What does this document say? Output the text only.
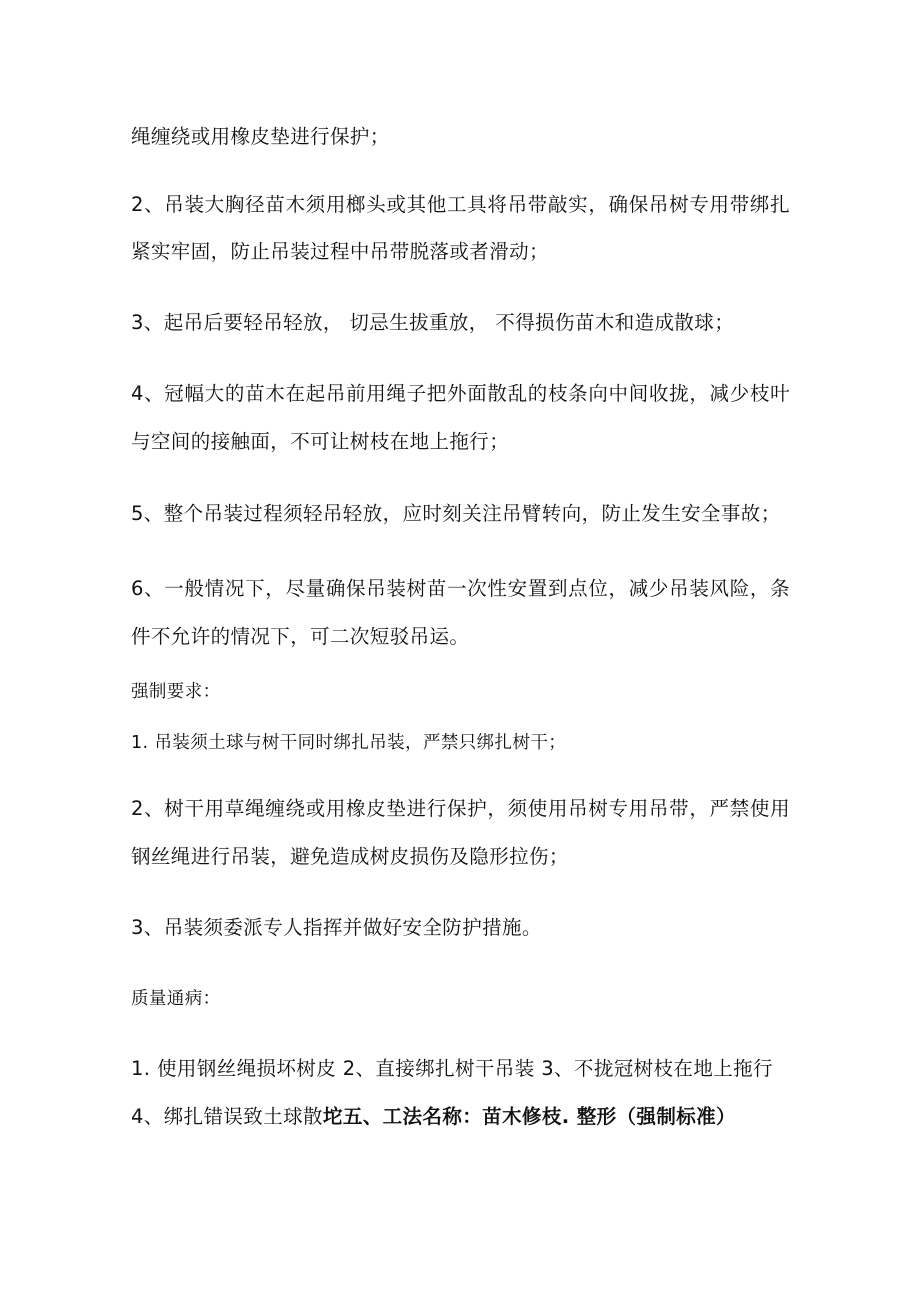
绳缠绕或用橡皮垫进行保护；
2、吊装大胸径苗木须用榔头或其他工具将吊带敲实，确保吊树专用带绑扎
紧实牢固，防止吊装过程中吊带脱落或者滑动；
3、起吊后要轻吊轻放， 切忌生拔重放， 不得损伤苗木和造成散球；
4、冠幅大的苗木在起吊前用绳子把外面散乱的枝条向中间收拢，减少枝叶
与空间的接触面，不可让树枝在地上拖行；
5、整个吊装过程须轻吊轻放，应时刻关注吊臂转向，防止发生安全事故；
6、一般情况下，尽量确保吊装树苗一次性安置到点位，减少吊装风险，条
件不允许的情况下，可二次短驳吊运。
强制要求：
1. 吊装须土球与树干同时绑扎吊装，严禁只绑扎树干；
2、树干用草绳缠绕或用橡皮垫进行保护，须使用吊树专用吊带，严禁使用
钢丝绳进行吊装，避免造成树皮损伤及隐形拉伤；
3、吊装须委派专人指挥并做好安全防护措施。
质量通病：
1. 使用钢丝绳损坏树皮 2、直接绑扎树干吊装 3、不拢冠树枝在地上拖行
4、绑扎错误致土球散坨五、工法名称：苗木修枝. 整形（强制标准）
